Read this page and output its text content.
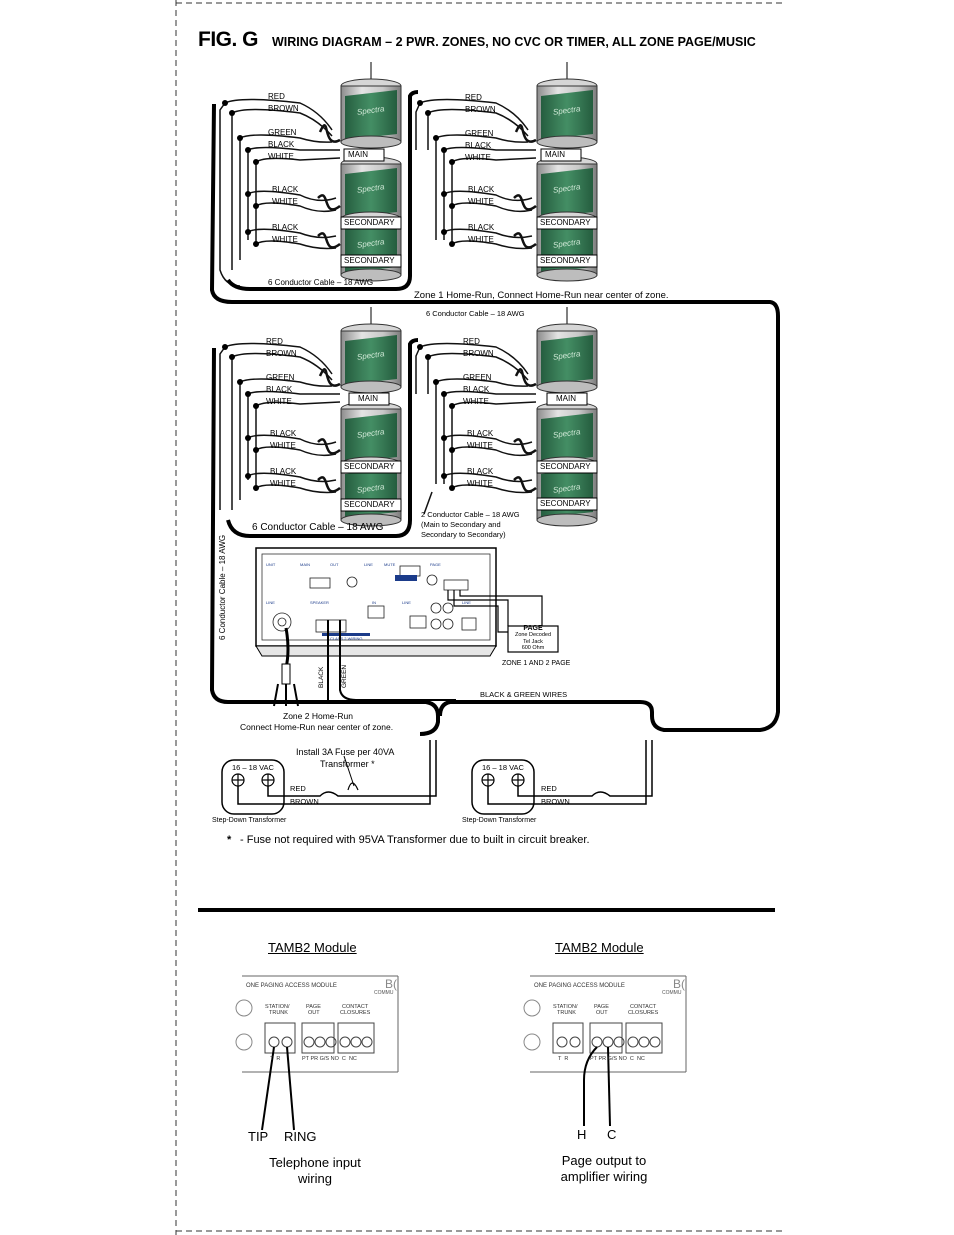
FIG. G WIRING DIAGRAM – 2 PWR. ZONES, NO CVC OR TIMER, ALL ZONE PAGE/MUSIC
Spectra
UNIT	MAIN	OUT	LINE	MUTE	PAGE
LINE	SPEAKER	IN	LINE	LINE
CLASS 2 WIRING
RED
BROWN
GREEN
BLACK
WHITE
BLACK
WHITE
BLACK
WHITE
RED
BROWN
GREEN
BLACK
WHITE
BLACK
WHITE
BLACK
WHITE
MAIN
SECONDARY
SECONDARY
MAIN
SECONDARY
SECONDARY
6 Conductor Cable – 18 AWG
Zone 1 Home-Run, Connect Home-Run near center of zone.
6 Conductor Cable – 18 AWG
RED
BROWN
GREEN
BLACK
WHITE
BLACK
WHITE
BLACK
WHITE
RED
BROWN
GREEN
BLACK
WHITE
BLACK
WHITE
BLACK
WHITE
MAIN
SECONDARY
SECONDARY
MAIN
SECONDARY
SECONDARY
6 Conductor Cable – 18 AWG
2 Conductor Cable – 18 AWG
(Main to Secondary and
Secondary to Secondary)
6 Conductor Cable – 18 AWG	PAGE
Zone Decoded
Tel Jack
600 Ohm
ZONE 1 AND 2 PAGE
BLACK GREEN
BLACK & GREEN WIRES
Zone 2 Home-Run
Connect Home-Run near center of zone.
Install 3A Fuse per 40VA
Transformer *
16 – 18 VAC
RED
BROWN
Step-Down Transformer
16 – 18 VAC
RED
BROWN
Step-Down Transformer
* - Fuse not required with 95VA Transformer due to built in circuit breaker.
TAMB2 Module
ONE PAGING ACCESS MODULE	B(
COMMU
STATION/
TRUNK
PAGE
OUT
CONTACT
CLOSURES
T  R	PT PR G/S NO  C  NC
TIP RING
Telephone input
wiring
TAMB2 Module
ONE PAGING ACCESS MODULE	B(
COMMU
STATION/
TRUNK
PAGE
OUT
CONTACT
CLOSURES
T  R	PT PR G/S NO  C  NC
H C
Page output to
amplifier wiring
